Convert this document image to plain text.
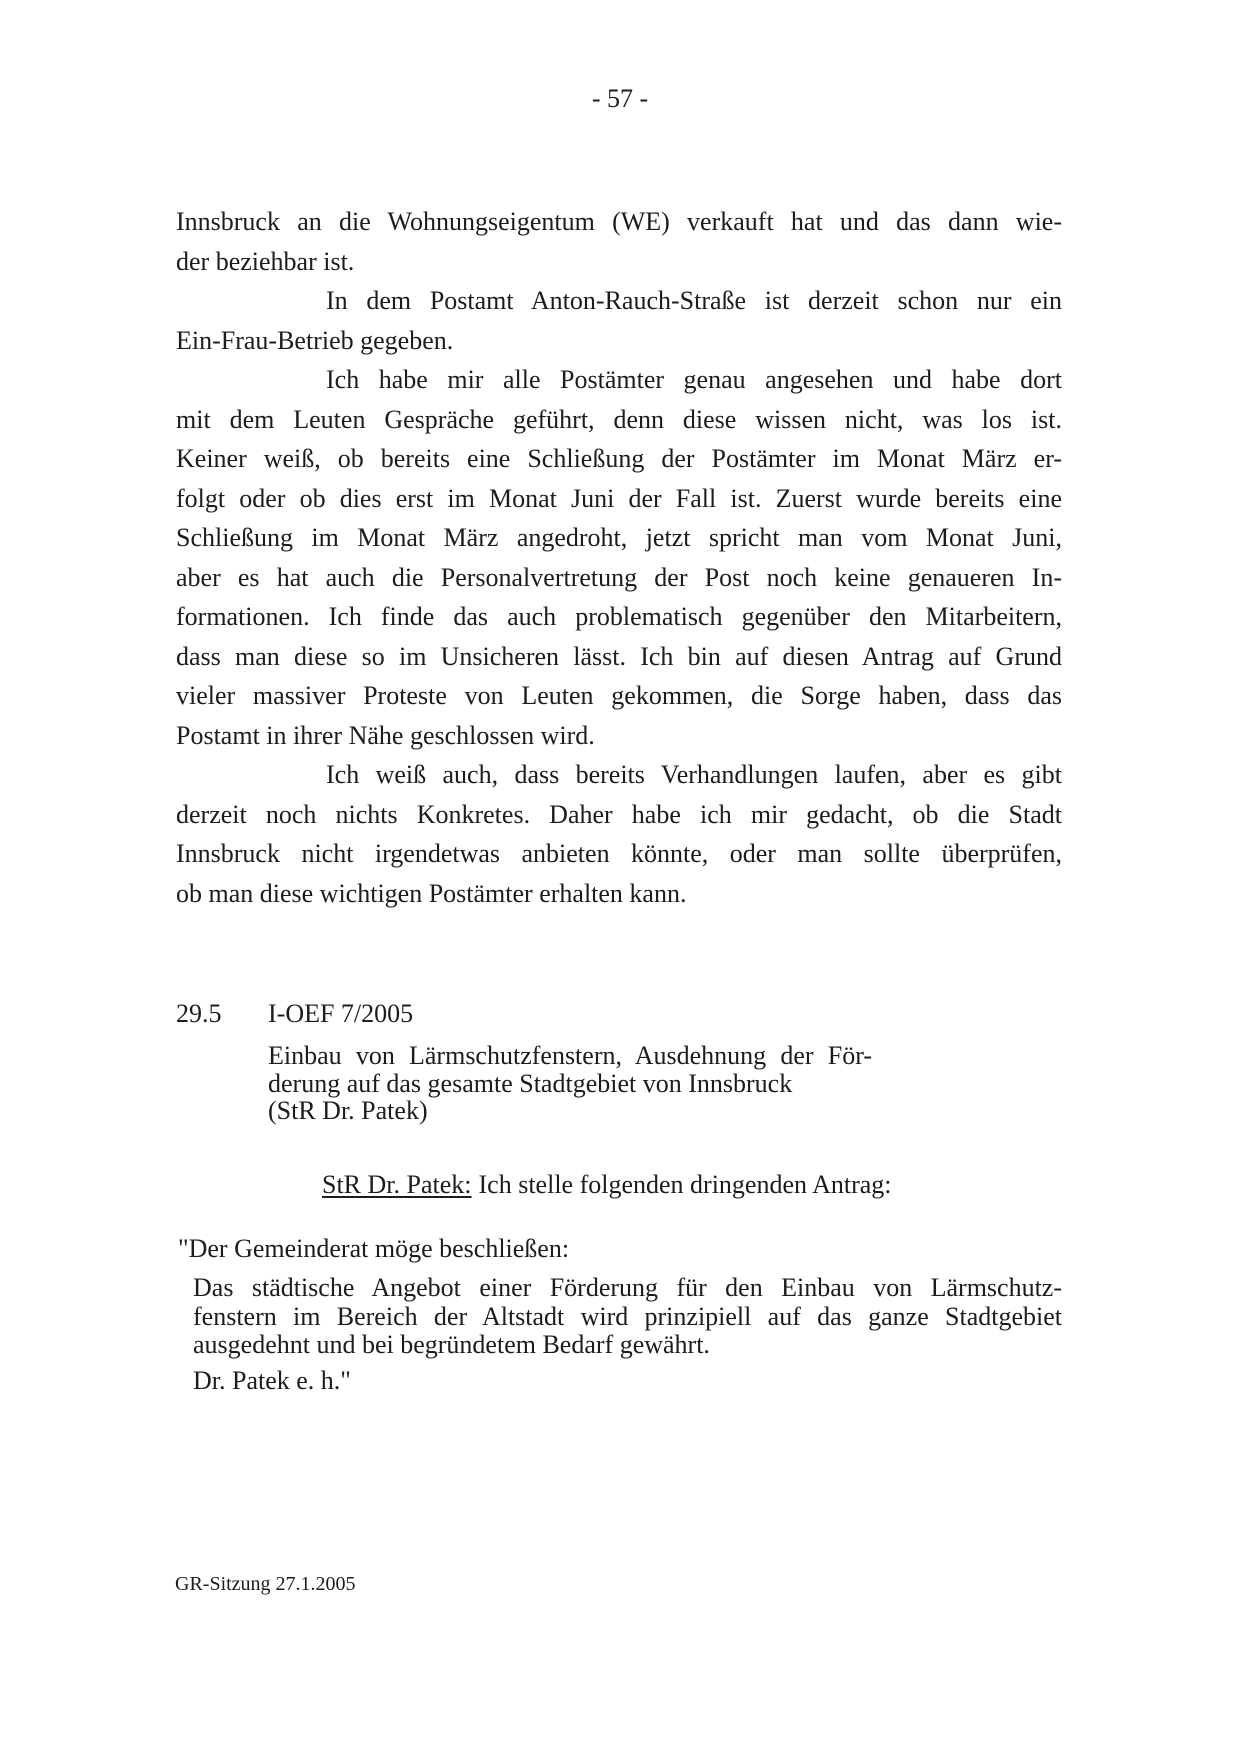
- 57 -
Innsbruck an die Wohnungseigentum (WE) verkauft hat und das dann wie-
der beziehbar ist.
In dem Postamt Anton-Rauch-Straße ist derzeit schon nur ein
Ein-Frau-Betrieb gegeben.
Ich habe mir alle Postämter genau angesehen und habe dort
mit dem Leuten Gespräche geführt, denn diese wissen nicht, was los ist.
Keiner weiß, ob bereits eine Schließung der Postämter im Monat März er-
folgt oder ob dies erst im Monat Juni der Fall ist. Zuerst wurde bereits eine
Schließung im Monat März angedroht, jetzt spricht man vom Monat Juni,
aber es hat auch die Personalvertretung der Post noch keine genaueren In-
formationen. Ich finde das auch problematisch gegenüber den Mitarbeitern,
dass man diese so im Unsicheren lässt. Ich bin auf diesen Antrag auf Grund
vieler massiver Proteste von Leuten gekommen, die Sorge haben, dass das
Postamt in ihrer Nähe geschlossen wird.
Ich weiß auch, dass bereits Verhandlungen laufen, aber es gibt
derzeit noch nichts Konkretes. Daher habe ich mir gedacht, ob die Stadt
Innsbruck nicht irgendetwas anbieten könnte, oder man sollte überprüfen,
ob man diese wichtigen Postämter erhalten kann.
29.5	I-OEF 7/2005
Einbau von Lärmschutzfenstern, Ausdehnung der För-
derung auf das gesamte Stadtgebiet von Innsbruck
(StR Dr. Patek)
StR Dr. Patek: Ich stelle folgenden dringenden Antrag:
"Der Gemeinderat möge beschließen:
Das städtische Angebot einer Förderung für den Einbau von Lärmschutz-
fenstern im Bereich der Altstadt wird prinzipiell auf das ganze Stadtgebiet
ausgedehnt und bei begründetem Bedarf gewährt.
Dr. Patek e. h."
GR-Sitzung 27.1.2005
